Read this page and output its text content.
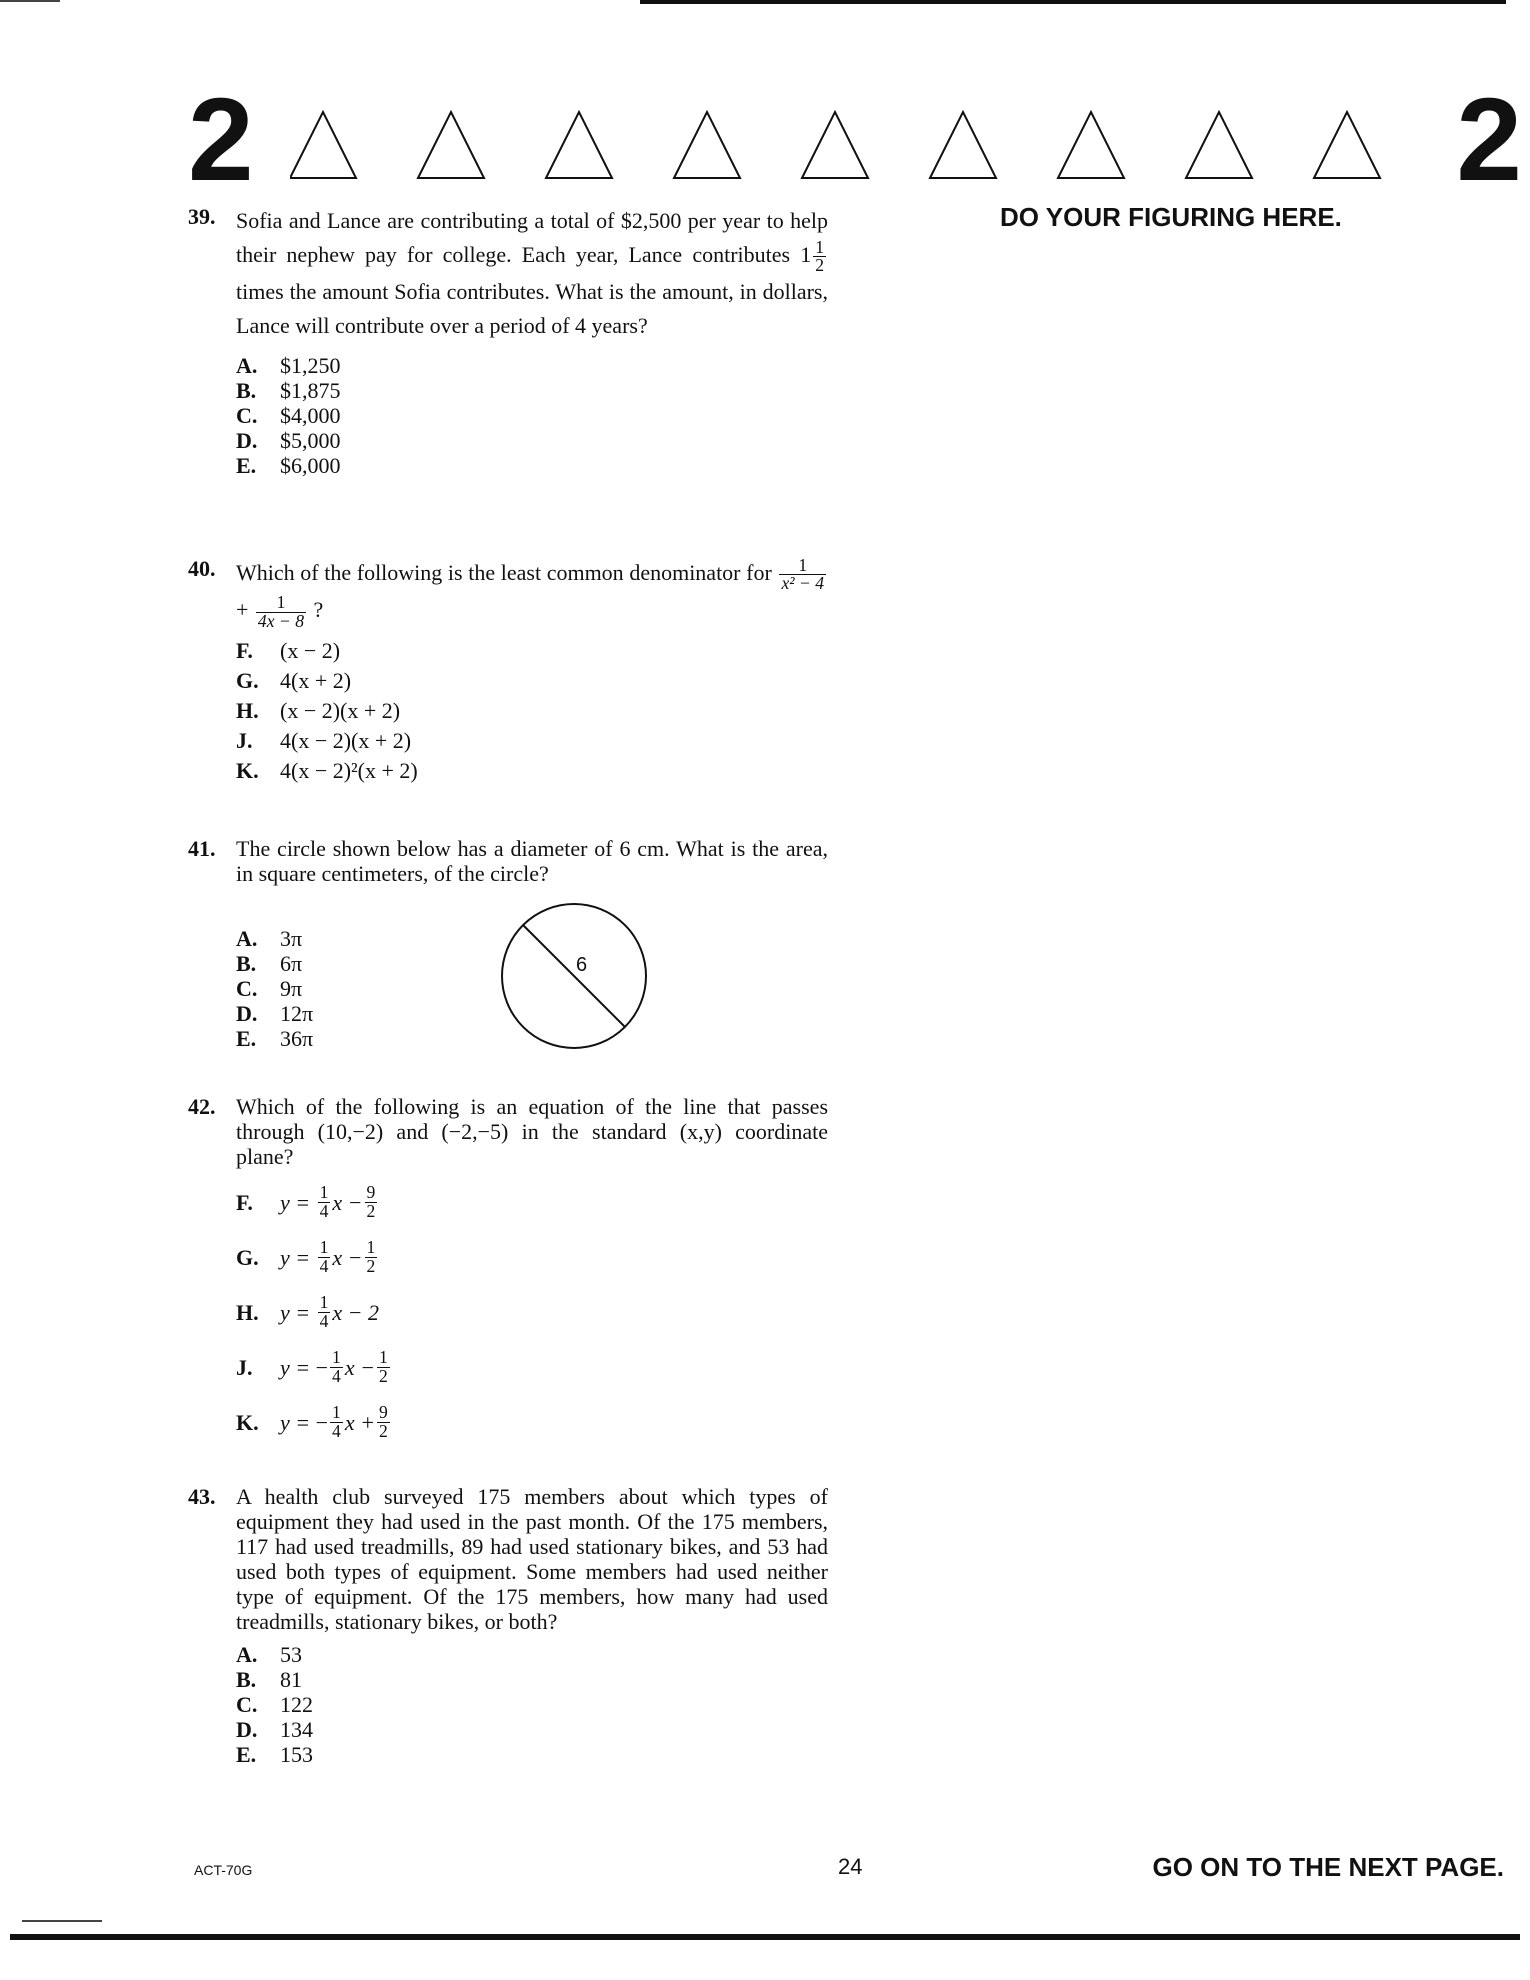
2	2
DO YOUR FIGURING HERE.
39. Sofia and Lance are contributing a total of $2,500 per year to help their nephew pay for college. Each year, Lance contributes $1 \frac{1}{2}$
times the amount Sofia contributes. What is the amount, in dollars, Lance will contribute over a period of 4 years?
A.	$1,250
B.	$1,875
C.	$4,000
D.	$5,000
E.	$6,000
40. Which of the following is the least common denominator for $\frac{1}{\text{x² − 4}}$
+ $\frac{1}{4x - 8}$ ?
F.	(x − 2)
G. 4(x + 2)
H. (x − 2)(x + 2)
J.	4(x − 2)(x + 2)
K. 4(x − 2)²(x + 2)
41. The circle shown below has a diameter of 6 cm. What is the area, in square centimeters, of the circle?
A.	3π
B.	6π
C.	9π
D.	12π
E.	36π
6
42. Which of the following is an equation of the line that passes through (10,−2) and (−2,−5) in the standard (x,y) coordinate plane?
F.	y =
$\frac{1}{4}$ $x - \frac{9}{2}$
G. y =
$\frac{1}{4}$ $x - \frac{1}{2}$
H. y =
$\frac{1}{4}$ x − 2
J.	y =
− $\frac{1}{4}$ $x - \frac{1}{2}$
K. y =
− $\frac{1}{4}$ $x + \frac{9}{2}$
43. A health club surveyed 175 members about which types of equipment they had used in the past month. Of the 175 members, 117 had used treadmills, 89 had used stationary bikes, and 53 had used both types of equipment. Some members had used neither type of equipment. Of the 175 members, how many had used treadmills, stationary bikes, or both?
A.	53
B.	81
C.	122
D.	134
E.	153
ACT-70G	24	GO ON TO THE NEXT PAGE.
